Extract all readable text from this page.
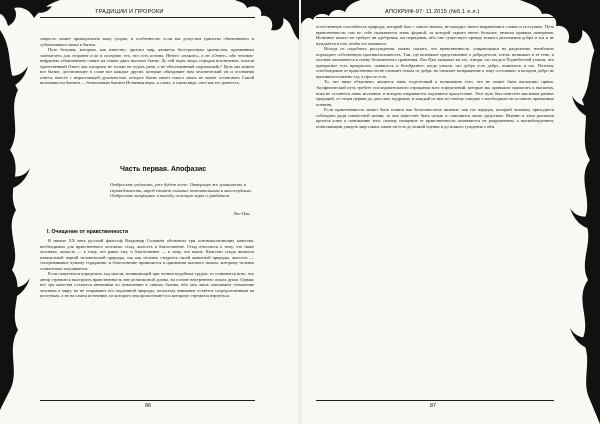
ТРАДИЦИИ И ПРОРОКИ

запросто может принадлежать кому угодно, в особенности, если мы допустим единство объективного и субъективного начал в бытии.

Путь безумия, которым, как известно, прошел мир, является бесстрастным хронистом, призванным запечатлеть для сторонне и ко в соседние, тех, что есть истина. Нечего «этакого», а не «Ответ», ибо человек-нефранекс обыкновенно ставит на семью дают высокое бытие. До той поры люди, породив исключение, искали единственный Ответ, как алгоритм не только не отдать рано, а не обоснованный «идеальный»? Цель мы можем все бытие, достигающее в слове вот каждые другие, которые объединяет нам человеческий ум и осознания ответа, вместе с вырастающей духовностью, которое бытие имеет смысл своих не может остановить Самой возможности бытием — безмолвным бытием Истинная веры, и слово, в таком виде, свет как его ценность.

Часть первая. Апофазис
Отбросьте учёность, уже будет легче. Отвергнув же гуманность и справедливость, народ станет сыновне почтительным и милосердным. Отбросьте хитроумие и выгоду, исчезнут воры и грабители.
Лао-Цзы
I. Очищение от нравственности

В начале XX века русский философ Владимир Соловьёв обозначил три основополагающих качества, необходимых для нравственного человека: стыд, жалость и благоговение. Стыд относится к тому, что ниже человека, жалость — к тому, что равно ему, и благоговение — к тому, что выше. Качество стыда является изначальной чертой человеческой природы, так как человек стыдится своей животной природы, жалость — сопереживание чужому страданию, и благоговение проявляется в признании высшего начала, которому человек сознательно подчиняется.

Если попытаться определить ход мысли, возникающей при чтении подобных трудов, то становится ясно, что автор стремится выстроить нравственность вне религиозной догмы, на основе внутреннего опыта души. Однако все три качества остаются внешними по отношению к самому бытию, ибо они лишь описывают отношение человека к миру, но не открывают его подлинной природы, поскольку внимание остаётся сосредоточенным на поступках, а не на самом источнике, из которого они проистекают и к которому стремятся вернуться.

86
АПОКРИФ-97: 11.2015 (№5.1 е.л.)

естественную способность природы, который был с самого начала, не находил своего выражения в словах и поступках. Путь нравственности сам по себе оказывается лишь формой, за которой скрыто нечто большее, нежели правила поведения. Истинное начало не требует ни одобрения, ни порицания, ибо оно существует прежде всякого различения добра и зла и не нуждается в том, чтобы его называли.

Исходя из подобного рассуждения, можно сказать, что нравственность, опирающаяся на разделение, неизбежно порождает собственную противоположность. Там, где возникает представление о добродетели, тотчас возникает и её тень, и человек оказывается в плену бесконечного сравнения. Лао-Цзы указывал на это, говоря, что когда в Поднебесной узнали, что прекрасное есть прекрасное, появилось и безобразное; когда узнали, что добро есть добро, появилось и зло. Поэтому освобождение от нравственности не означает отказа от добра, но означает возвращение к тому состоянию, в котором добро не противопоставлено злу, а просто есть.

То, что ниже объяснено, является лишь подготовкой к пониманию того, что не может быть высказано прямо. Апофатический путь требует последовательного отрицания всех определений, которые мы привыкли прилагать к высшему, пока не останется лишь молчание, в котором открывается подлинное присутствие. Этот путь был известен мистикам разных традиций, от отцов церкви до даосских мудрецов, и каждый из них по-своему говорил о необходимости оставить привычные понятия.

Если нравственность может быть понята как безличностное явление, как тот порядок, который человеку приходится соблюдать ради совместной жизни, то она перестаёт быть целью и становится лишь средством. Именно в этом различии кроется ключ к пониманию того, почему очищение от нравственности оказывается не разрушением, а высвобождением, позволяющим увидеть мир таким, каков он есть до всякой оценки и до всякого суждения о нём.

87
